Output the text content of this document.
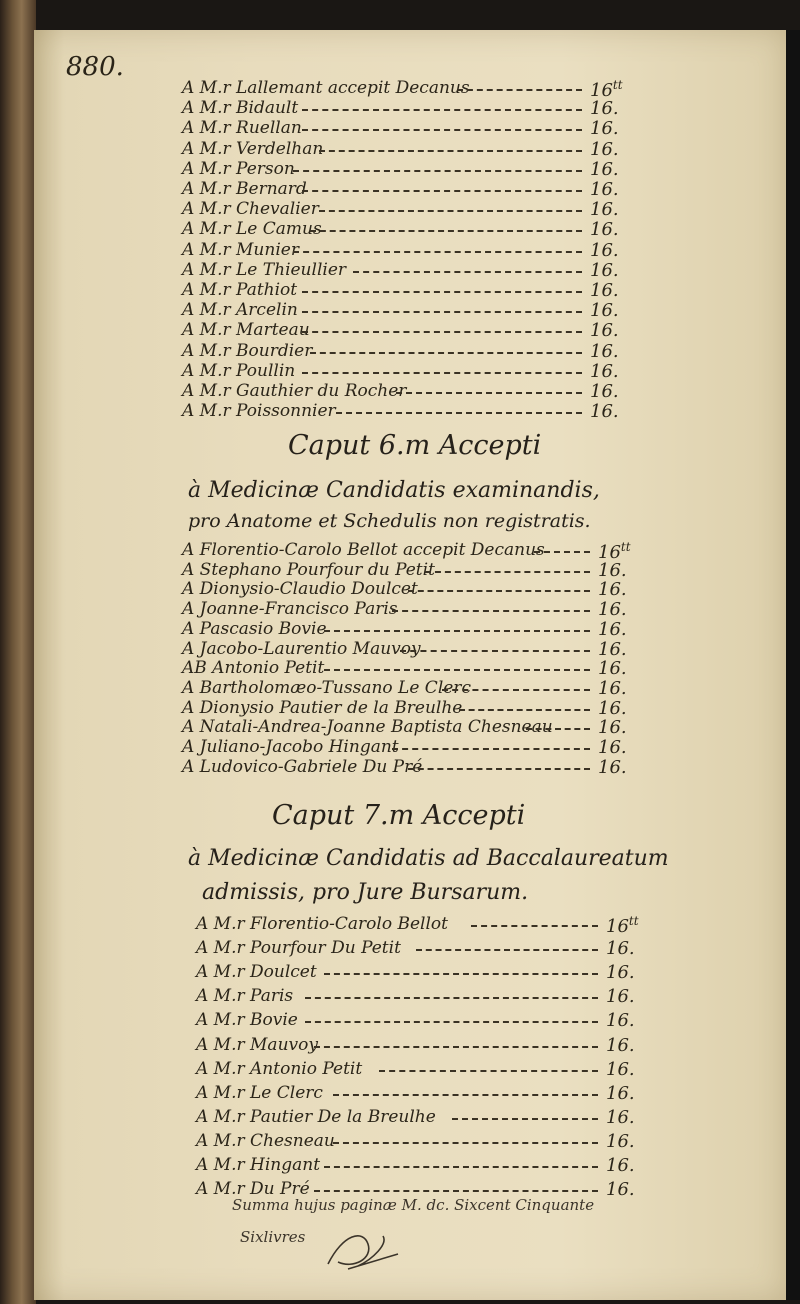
880.
A M.r Lallemant accepit Decanus	$16^{tt}$
A M.r Bidault	16.
A M.r Ruellan	16.
A M.r Verdelhan	16.
A M.r Person	16.
A M.r Bernard	16.
A M.r Chevalier	16.
A M.r Le Camus	16.
A M.r Munier	16.
A M.r Le Thieullier	16.
A M.r Pathiot	16.
A M.r Arcelin	16.
A M.r Marteau	16.
A M.r Bourdier	16.
A M.r Poullin	16.
A M.r Gauthier du Rocher	16.
A M.r Poissonnier	16.
Caput 6.m Accepti
à Medicinæ Candidatis examinandis,
pro Anatome et Schedulis non registratis.
A Florentio-Carolo Bellot accepit Decanus	$16^{tt}$
A Stephano Pourfour du Petit	16.
A Dionysio-Claudio Doulcet	16.
A Joanne-Francisco Paris	16.
A Pascasio Bovie	16.
A Jacobo-Laurentio Mauvoy	16.
AB Antonio Petit	16.
A Bartholomæo-Tussano Le Clerc	16.
A Dionysio Pautier de la Breulhe	16.
A Natali-Andrea-Joanne Baptista Chesneau	16.
A Juliano-Jacobo Hingant	16.
A Ludovico-Gabriele Du Pré	16.
Caput 7.m Accepti
à Medicinæ Candidatis ad Baccalaureatum
admissis, pro Jure Bursarum.
A M.r Florentio-Carolo Bellot	$16^{tt}$
A M.r Pourfour Du Petit	16.
A M.r Doulcet	16.
A M.r Paris	16.
A M.r Bovie	16.
A M.r Mauvoy	16.
A M.r Antonio Petit	16.
A M.r Le Clerc	16.
A M.r Pautier De la Breulhe	16.
A M.r Chesneau	16.
A M.r Hingant	16.
A M.r Du Pré	16.
Summa hujus paginæ M. dc. Sixcent Cinquante
Sixlivres
